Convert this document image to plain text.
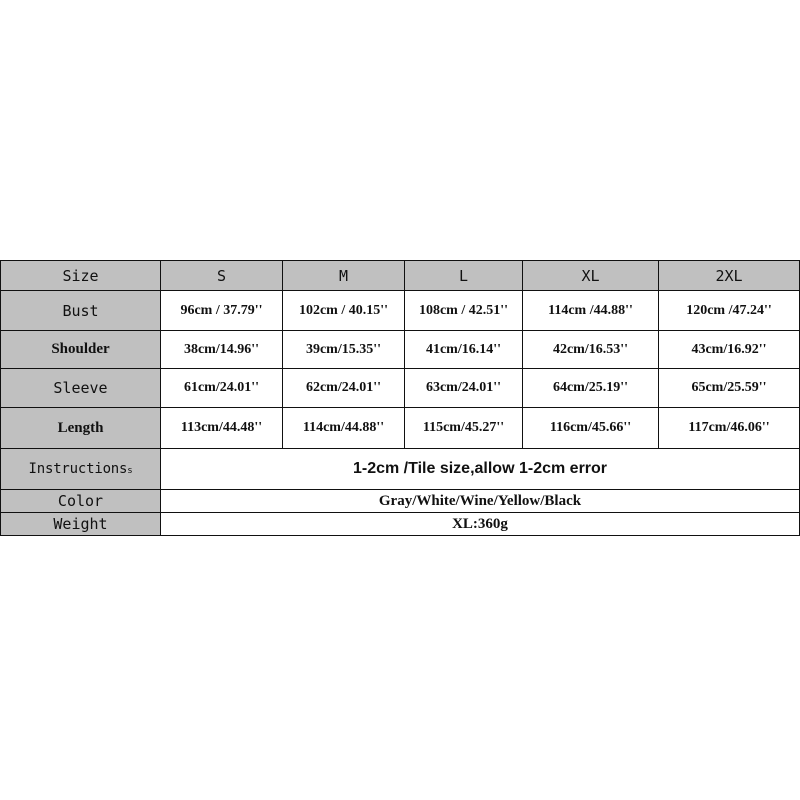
Size	S	M	L	XL	2XL
Bust	96cm / 37.79''	102cm / 40.15''	108cm / 42.51''	114cm /44.88''	120cm /47.24''
Shoulder	38cm/14.96''	39cm/15.35''	41cm/16.14''	42cm/16.53''	43cm/16.92''
Sleeve	61cm/24.01''	62cm/24.01''	63cm/24.01''	64cm/25.19''	65cm/25.59''
Length	113cm/44.48''	114cm/44.88''	115cm/45.27''	116cm/45.66''	117cm/46.06''
Instructionss	1-2cm /Tile size,allow 1-2cm error				
Color	Gray/White/Wine/Yellow/Black				
Weight	XL:360g				
